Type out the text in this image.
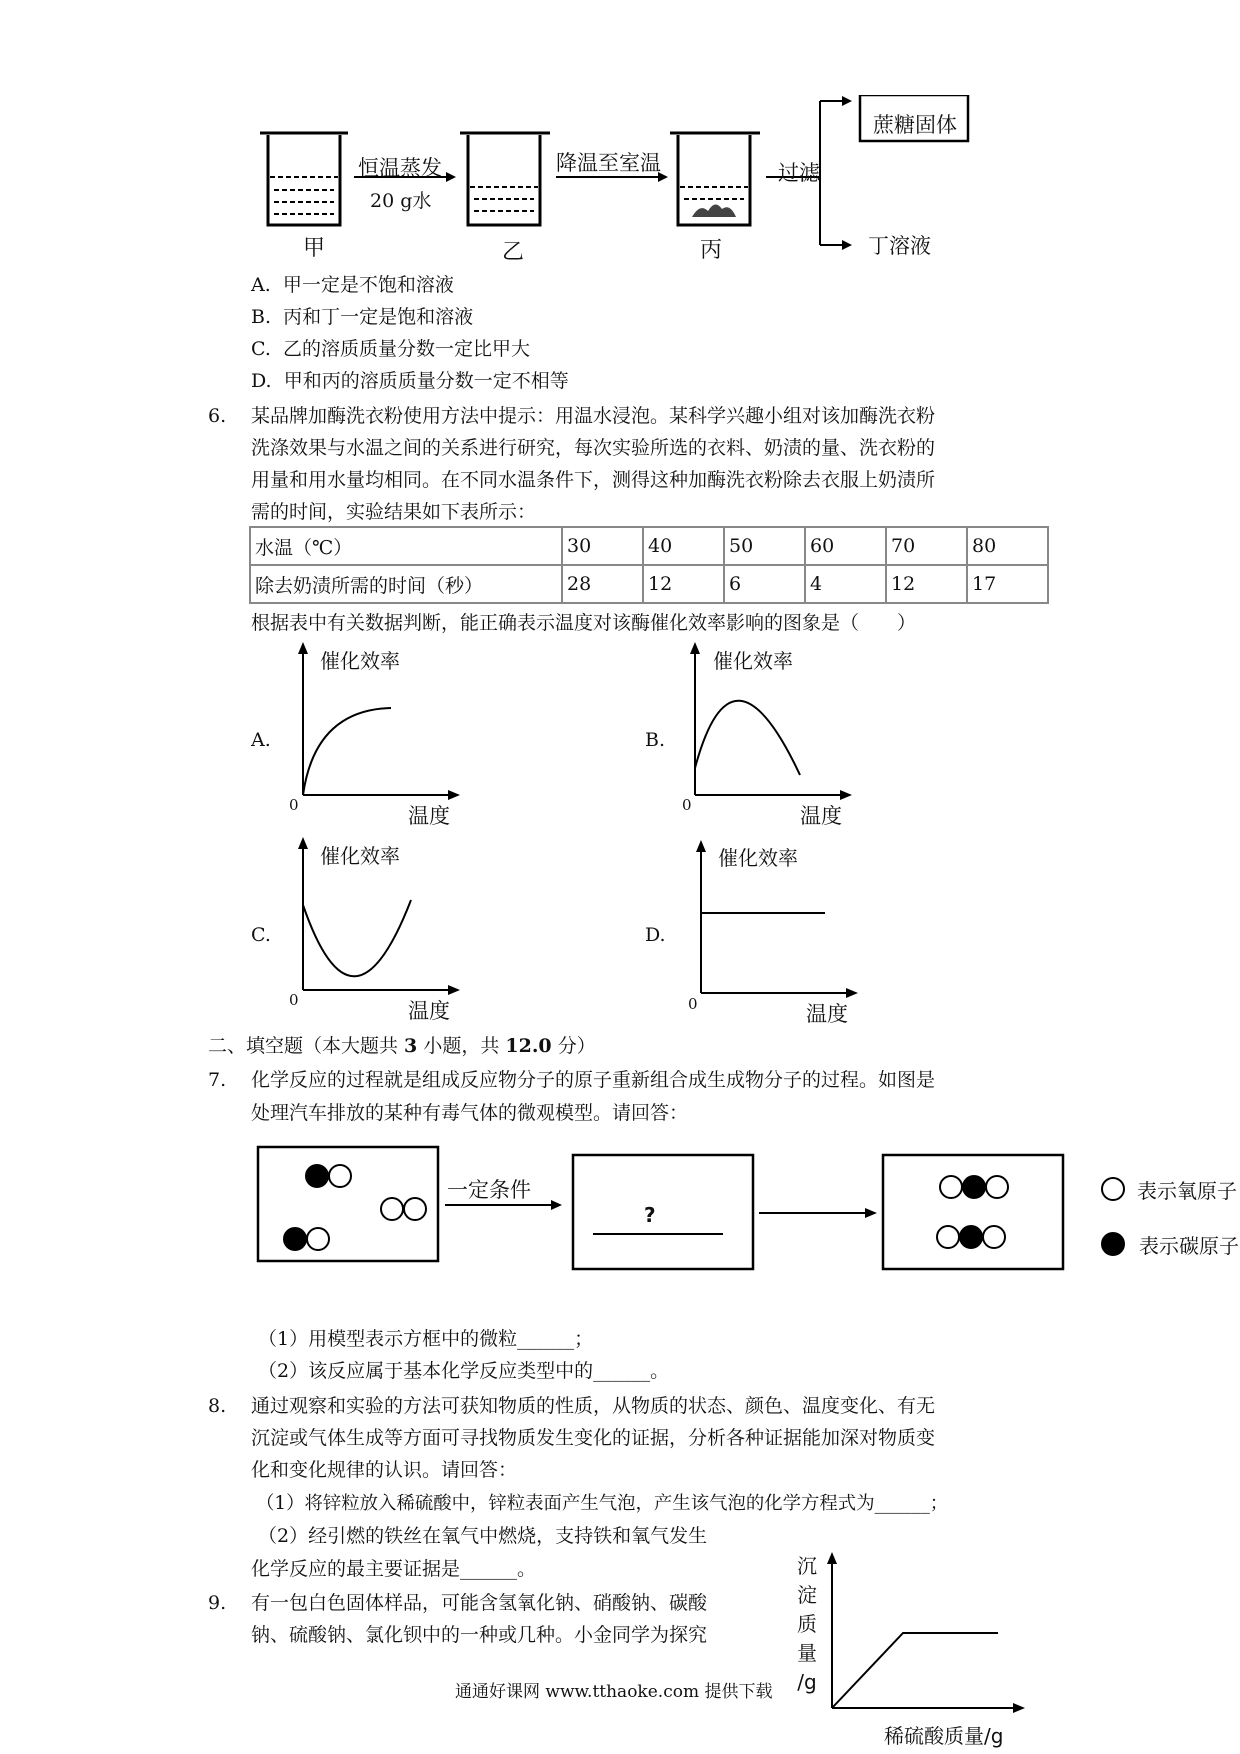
甲	乙	丙
恒温蒸发
20 g水
降温至室温	过滤
蔗糖固体
丁溶液
A. 甲一定是不饱和溶液
B. 丙和丁一定是饱和溶液
C. 乙的溶质质量分数一定比甲大
D. 甲和丙的溶质质量分数一定不相等
6. 某品牌加酶洗衣粉使用方法中提示：用温水浸泡。某科学兴趣小组对该加酶洗衣粉
洗涤效果与水温之间的关系进行研究，每次实验所选的衣料、奶渍的量、洗衣粉的
用量和用水量均相同。在不同水温条件下，测得这种加酶洗衣粉除去衣服上奶渍所
需的时间，实验结果如下表所示：
水温（℃）	30	40	50	60	70	80
除去奶渍所需的时间（秒）	28	12	6	4	12	17
根据表中有关数据判断，能正确表示温度对该酶催化效率影响的图象是（　　）
A.
催化效率
温度
0
B.
催化效率
温度
0
C.
催化效率
温度
0
D.
催化效率
温度
0
二、填空题（本大题共 3 小题，共 12.0 分）
7. 化学反应的过程就是组成反应物分子的原子重新组合成生成物分子的过程。如图是
处理汽车排放的某种有毒气体的微观模型。请回答：
一定条件
?
表示氧原子
表示碳原子
（1）用模型表示方框中的微粒______；
（2）该反应属于基本化学反应类型中的______。
8. 通过观察和实验的方法可获知物质的性质，从物质的状态、颜色、温度变化、有无
沉淀或气体生成等方面可寻找物质发生变化的证据，分析各种证据能加深对物质变
化和变化规律的认识。请回答：
（1）将锌粒放入稀硫酸中，锌粒表面产生气泡，产生该气泡的化学方程式为______；
（2）经引燃的铁丝在氧气中燃烧，支持铁和氧气发生
化学反应的最主要证据是______。
9. 有一包白色固体样品，可能含氢氧化钠、硝酸钠、碳酸
钠、硫酸钠、氯化钡中的一种或几种。小金同学为探究
沉
淀
质
量
/g
稀硫酸质量/g
通通好课网 www.tthaoke.com 提供下载
